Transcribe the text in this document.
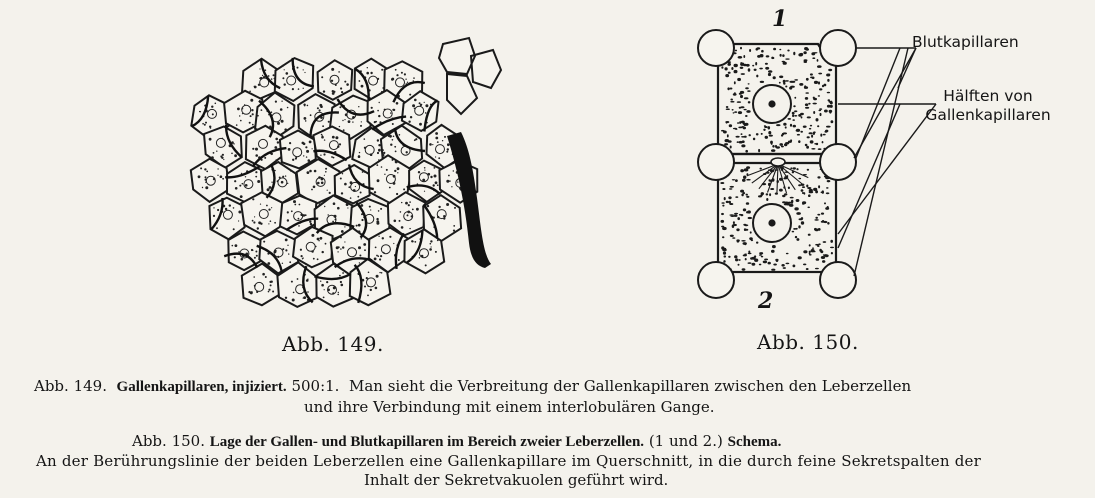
1
2
Blutkapillaren
Hälften von
Gallenkapillaren
Abb. 149.	Abb. 150.
Abb. 149. Gallenkapillaren, injiziert. 500:1. Man sieht die Verbreitung der Gallenkapillaren zwischen den Leberzellen
und ihre Verbindung mit einem interlobulären Gange.
Abb. 150. Lage der Gallen- und Blutkapillaren im Bereich zweier Leberzellen. (1 und 2.) Schema.
An der Berührungslinie der beiden Leberzellen eine Gallenkapillare im Querschnitt, in die durch feine Sekretspalten der
Inhalt der Sekretvakuolen geführt wird.
